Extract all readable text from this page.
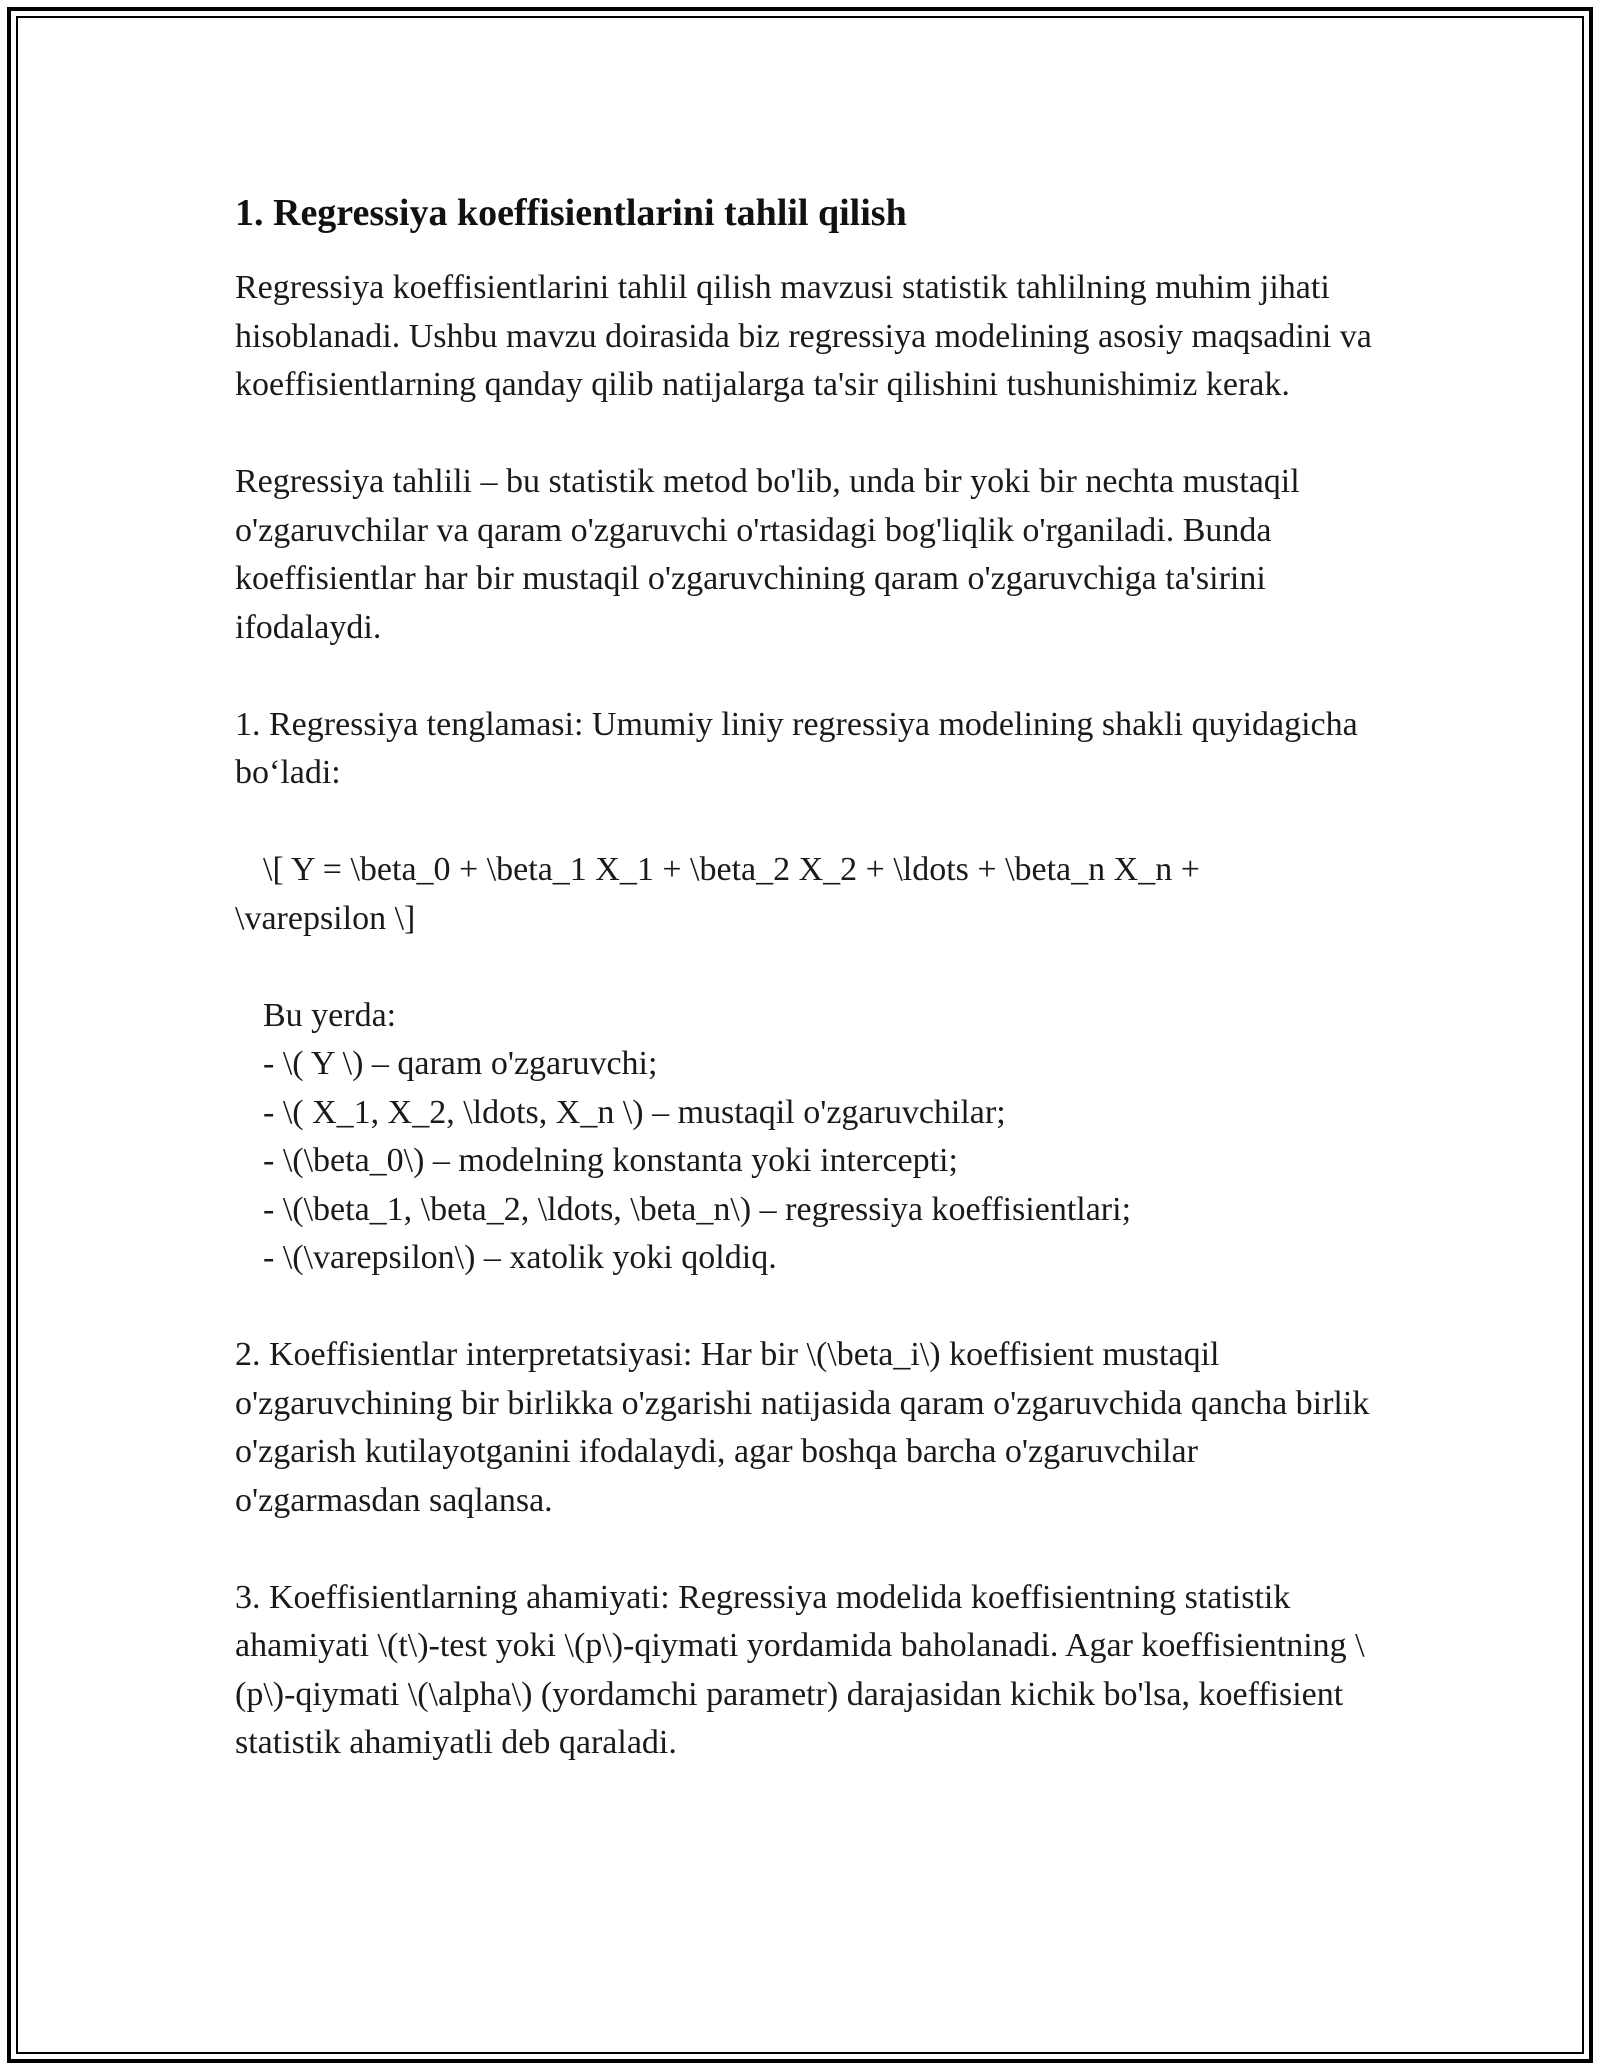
1. Regressiya koeffisientlarini tahlil qilish

Regressiya koeffisientlarini tahlil qilish mavzusi statistik tahlilning muhim jihati hisoblanadi. Ushbu mavzu doirasida biz regressiya modelining asosiy maqsadini va koeffisientlarning qanday qilib natijalarga ta'sir qilishini tushunishimiz kerak.

Regressiya tahlili – bu statistik metod bo'lib, unda bir yoki bir nechta mustaqil o'zgaruvchilar va qaram o'zgaruvchi o'rtasidagi bog'liqlik o'rganiladi. Bunda koeffisientlar har bir mustaqil o'zgaruvchining qaram o'zgaruvchiga ta'sirini ifodalaydi.

1. Regressiya tenglamasi: Umumiy liniy regressiya modelining shakli quyidagicha bo‘ladi:

\[ Y = \beta_0 + \beta_1 X_1 + \beta_2 X_2 + \ldots + \beta_n X_n +
\varepsilon \]

Bu yerda:
- \( Y \) – qaram o'zgaruvchi;
- \( X_1, X_2, \ldots, X_n \) – mustaqil o'zgaruvchilar;
- \(\beta_0\) – modelning konstanta yoki intercepti;
- \(\beta_1, \beta_2, \ldots, \beta_n\) – regressiya koeffisientlari;
- \(\varepsilon\) – xatolik yoki qoldiq.

2. Koeffisientlar interpretatsiyasi: Har bir \(\beta_i\) koeffisient mustaqil o'zgaruvchining bir birlikka o'zgarishi natijasida qaram o'zgaruvchida qancha birlik o'zgarish kutilayotganini ifodalaydi, agar boshqa barcha o'zgaruvchilar o'zgarmasdan saqlansa.

3. Koeffisientlarning ahamiyati: Regressiya modelida koeffisientning statistik ahamiyati \(t\)-test yoki \(p\)-qiymati yordamida baholanadi. Agar koeffisientning \(p\)-qiymati \(\alpha\) (yordamchi parametr) darajasidan kichik bo'lsa, koeffisient statistik ahamiyatli deb qaraladi.
